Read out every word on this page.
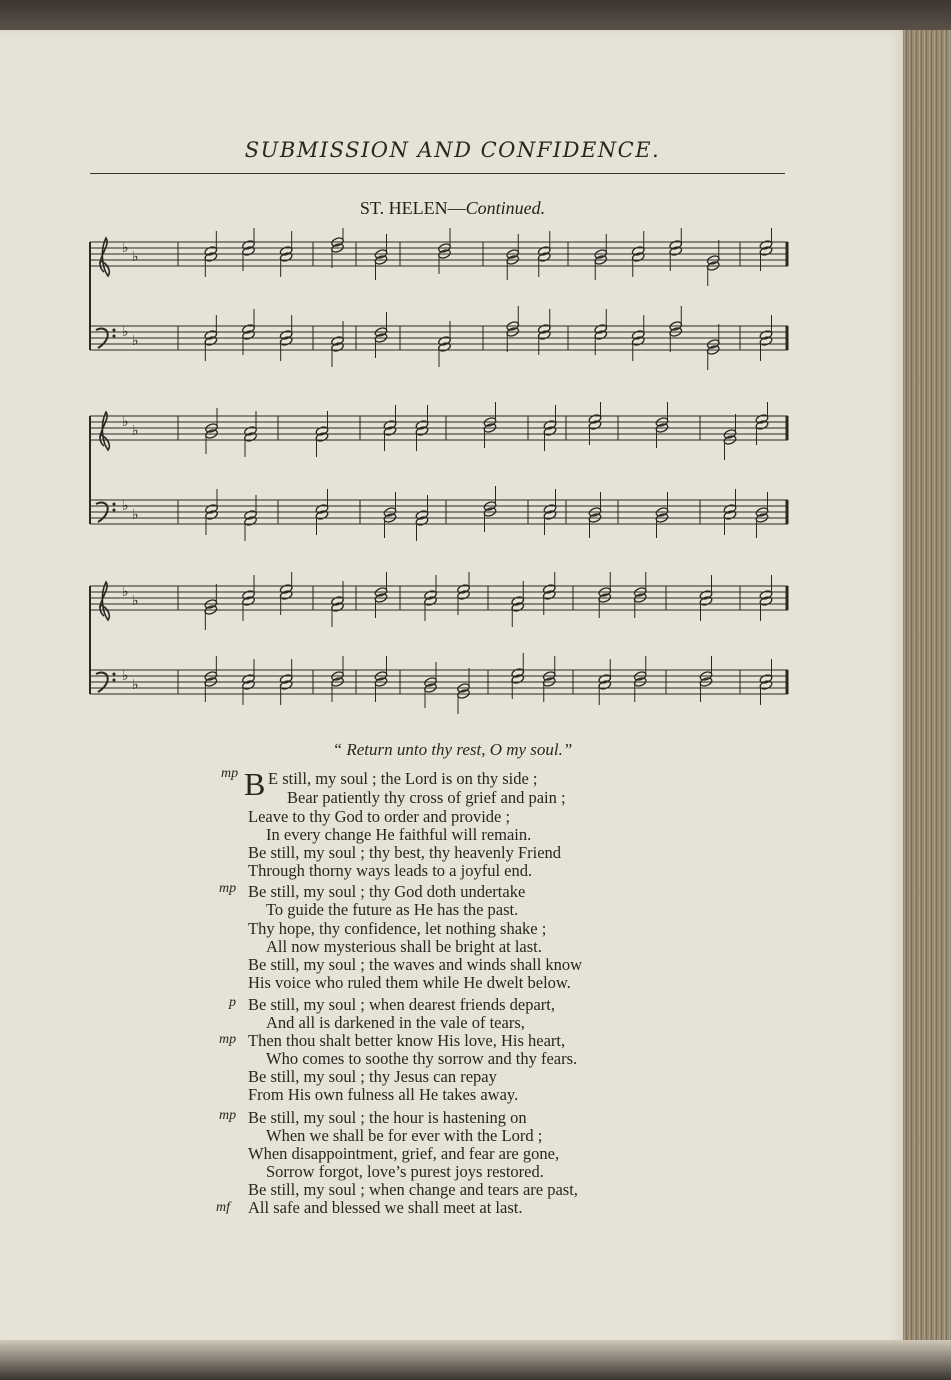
SUBMISSION AND CONFIDENCE.
ST. HELEN—Continued.
♭
♭
♭
♭
♭
♭
♭
♭
♭
♭
♭
♭
“ Return unto thy rest, O my soul.”
B
mp
mp
p
mp
mp
mf
E still, my soul ; the Lord is on thy side ;
Bear patiently thy cross of grief and pain ;
Leave to thy God to order and provide ;
In every change He faithful will remain.
Be still, my soul ; thy best, thy heavenly Friend
Through thorny ways leads to a joyful end.
Be still, my soul ; thy God doth undertake
To guide the future as He has the past.
Thy hope, thy confidence, let nothing shake ;
All now mysterious shall be bright at last.
Be still, my soul ; the waves and winds shall know
His voice who ruled them while He dwelt below.
Be still, my soul ; when dearest friends depart,
And all is darkened in the vale of tears,
Then thou shalt better know His love, His heart,
Who comes to soothe thy sorrow and thy fears.
Be still, my soul ; thy Jesus can repay
From His own fulness all He takes away.
Be still, my soul ; the hour is hastening on
When we shall be for ever with the Lord ;
When disappointment, grief, and fear are gone,
Sorrow forgot, love’s purest joys restored.
Be still, my soul ; when change and tears are past,
All safe and blessed we shall meet at last.
